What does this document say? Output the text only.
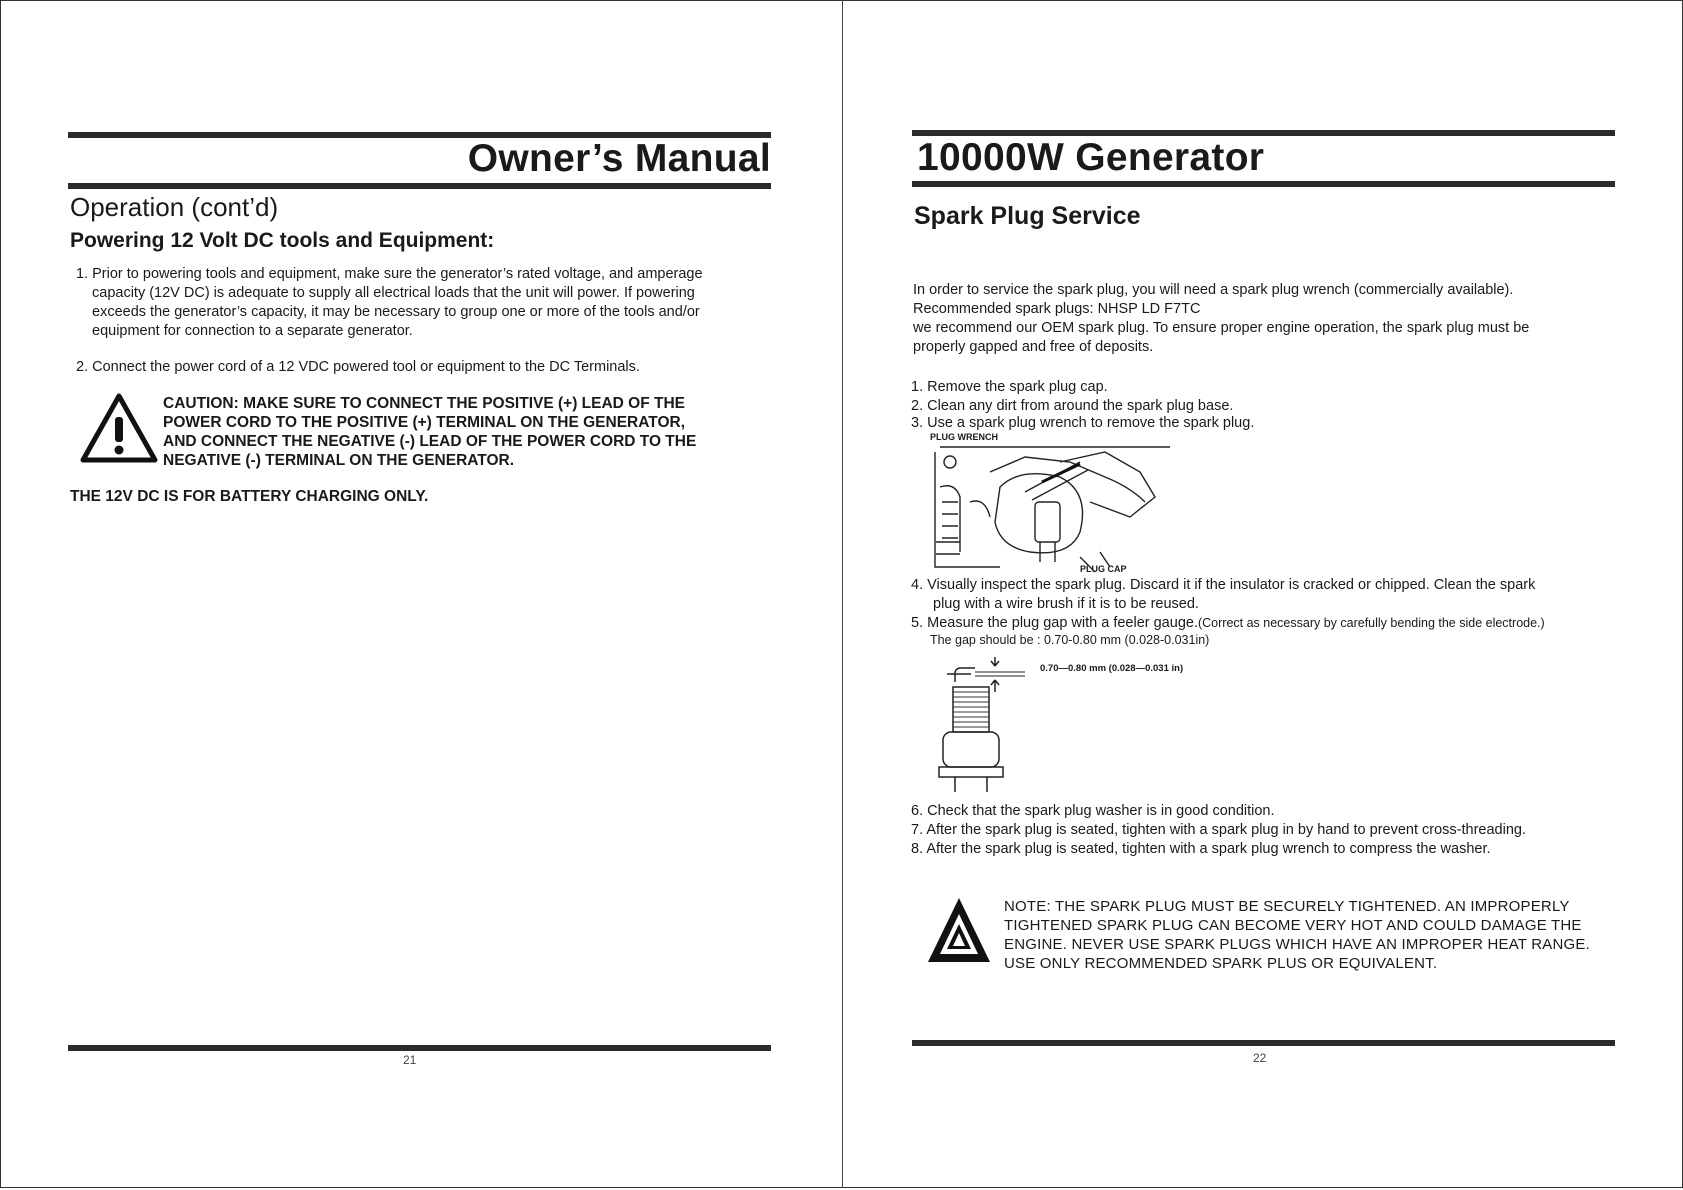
Owner’s Manual
Operation (cont’d)
Powering 12 Volt DC tools and Equipment:
1. Prior to powering tools and equipment, make sure the generator’s rated voltage, and amperage
capacity (12V DC) is adequate to supply all electrical loads that the unit will power. If powering
exceeds the generator’s capacity, it may be necessary to group one or more of the tools and/or
equipment for connection to a separate generator.
2. Connect the power cord of a 12 VDC powered tool or equipment to the DC Terminals.
CAUTION: MAKE SURE TO CONNECT THE POSITIVE (+) LEAD OF THE
POWER CORD TO THE POSITIVE (+) TERMINAL ON THE GENERATOR,
AND CONNECT THE NEGATIVE (-) LEAD OF THE POWER CORD TO THE
NEGATIVE (-) TERMINAL ON THE GENERATOR.
THE 12V DC IS FOR BATTERY CHARGING ONLY.
21
10000W Generator
Spark Plug Service
In order to service the spark plug, you will need a spark plug wrench (commercially available).
Recommended spark plugs: NHSP LD F7TC
we recommend our OEM spark plug. To ensure proper engine operation, the spark plug must be
properly gapped and free of deposits.
1. Remove the spark plug cap.
2. Clean any dirt from around the spark plug base.
3. Use a spark plug wrench to remove the spark plug.
PLUG WRENCH
PLUG CAP
4. Visually inspect the spark plug. Discard it if the insulator is cracked or chipped. Clean the spark
plug with a wire brush if it is to be reused.
5. Measure the plug gap with a feeler gauge.(Correct as necessary by carefully bending the side electrode.)
The gap should be : 0.70-0.80 mm (0.028-0.031in)
0.70—0.80 mm (0.028—0.031 in)
6. Check that the spark plug washer is in good condition.
7. After the spark plug is seated, tighten with a spark plug in by hand to prevent cross-threading.
8. After the spark plug is seated, tighten with a spark plug wrench to compress the washer.
NOTE: THE SPARK PLUG MUST BE SECURELY TIGHTENED. AN IMPROPERLY
TIGHTENED SPARK PLUG CAN BECOME VERY HOT AND COULD DAMAGE THE
ENGINE. NEVER USE SPARK PLUGS WHICH HAVE AN IMPROPER HEAT RANGE.
USE ONLY RECOMMENDED SPARK PLUS OR EQUIVALENT.
22
